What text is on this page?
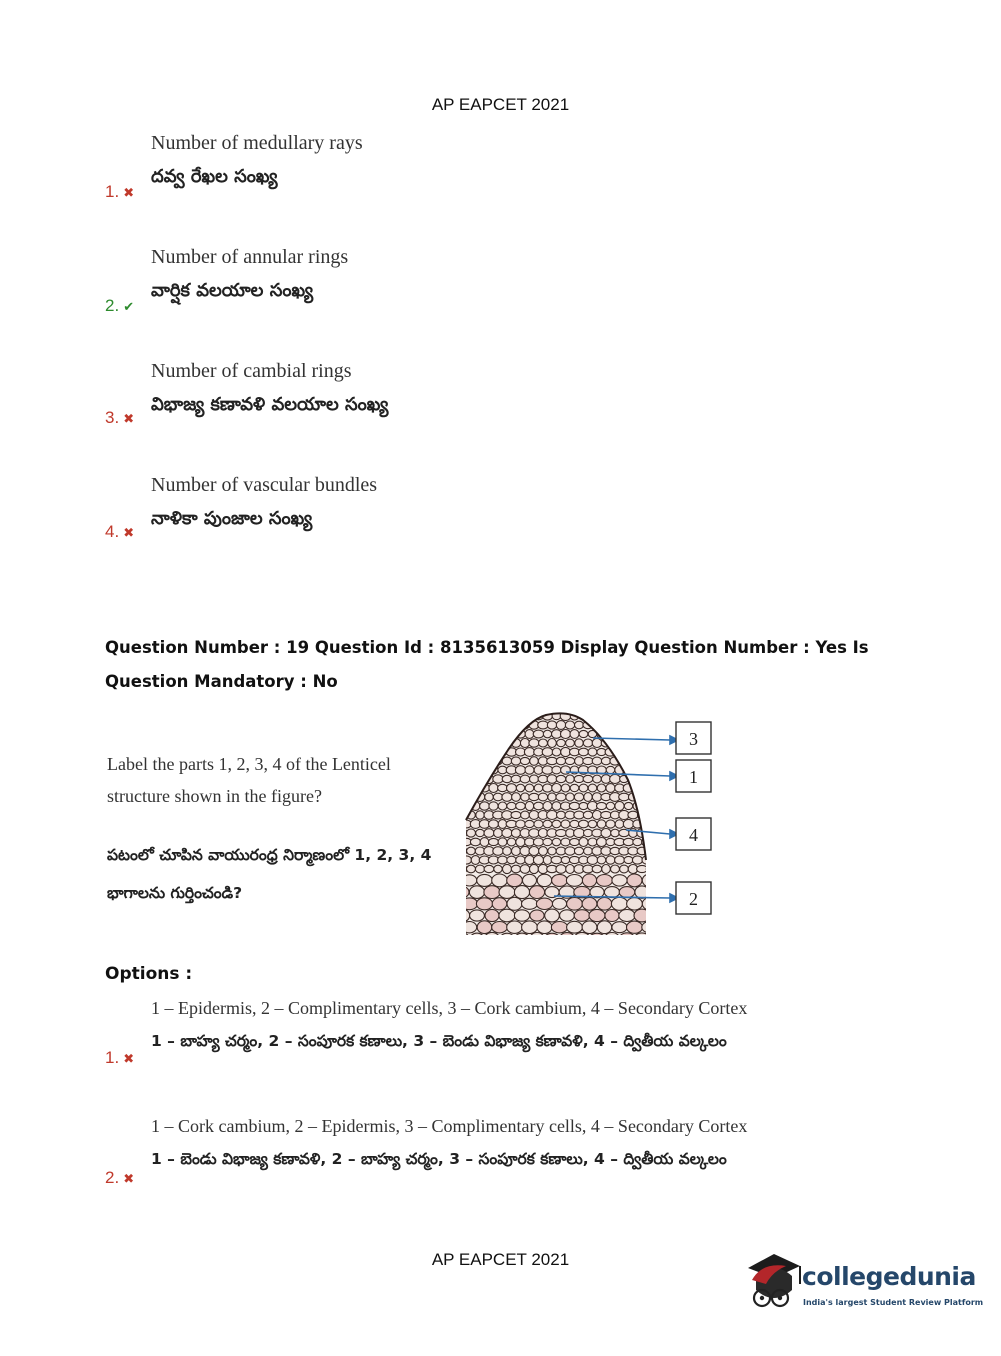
AP EAPCET 2021
Number of medullary rays
దవ్వ రేఖల సంఖ్య
1. ✖
Number of annular rings
వార్షిక వలయాల సంఖ్య
2. ✔
Number of cambial rings
విభాజ్య కణావళి వలయాల సంఖ్య
3. ✖
Number of vascular bundles
నాళికా పుంజాల సంఖ్య
4. ✖
Question Number : 19 Question Id : 8135613059 Display Question Number : Yes Is Question Mandatory : No
Label the parts 1, 2, 3, 4 of the Lenticel structure shown in the figure?
పటంలో చూపిన వాయురంధ్ర నిర్మాణంలో 1, 2, 3, 4 భాగాలను గుర్తించండి?
3
1
4
2
Options :
1 – Epidermis, 2 – Complimentary cells, 3 – Cork cambium, 4 – Secondary Cortex
1 – బాహ్య చర్మం, 2 – సంపూరక కణాలు, 3 – బెండు విభాజ్య కణావళి, 4 – ద్వితీయ వల్కలం
1. ✖
1 – Cork cambium, 2 – Epidermis, 3 – Complimentary cells, 4 – Secondary Cortex
1 – బెండు విభాజ్య కణావళి, 2 – బాహ్య చర్మం, 3 – సంపూరక కణాలు, 4 – ద్వితీయ వల్కలం
2. ✖
AP EAPCET 2021
collegedunia
India's largest Student Review Platform
